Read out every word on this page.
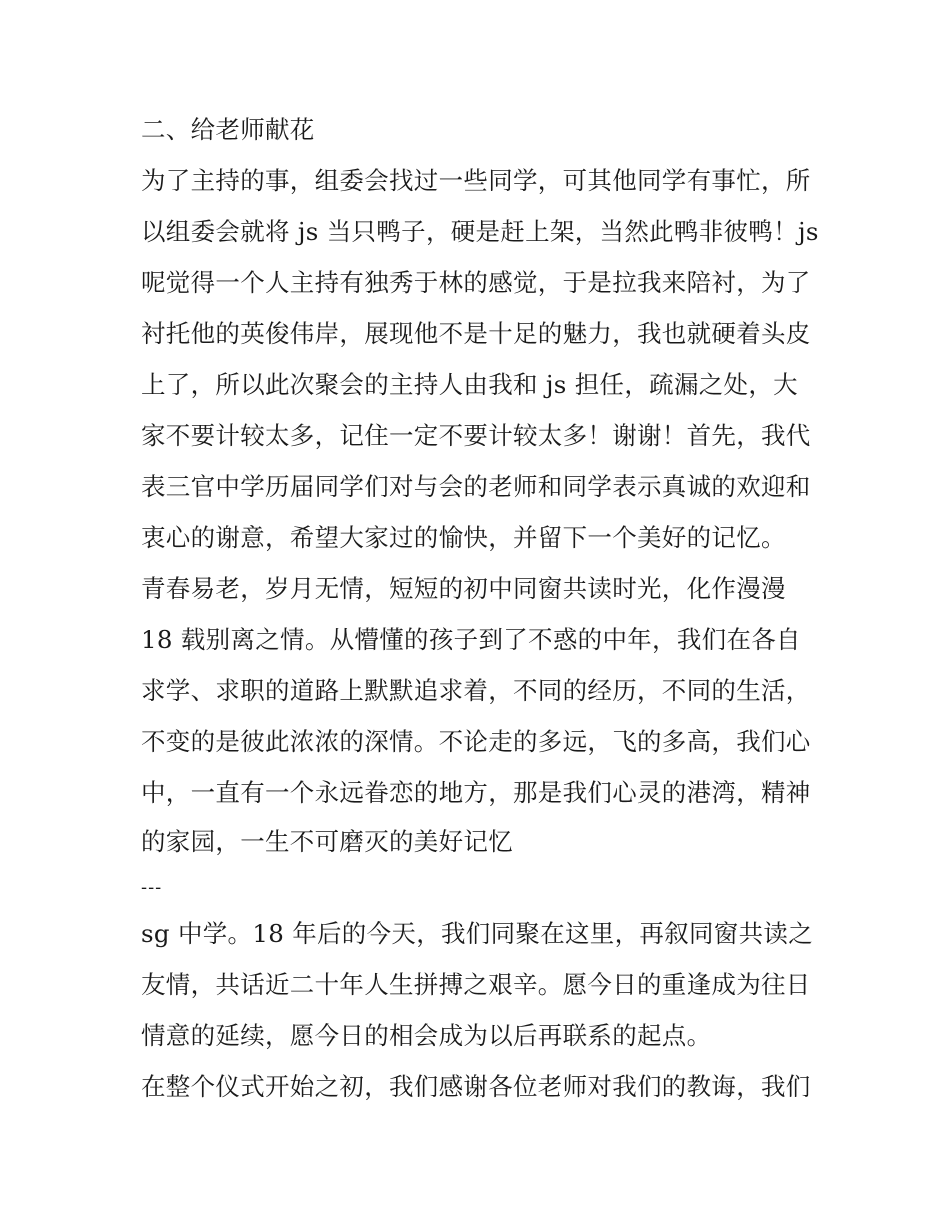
二、给老师献花
为了主持的事，组委会找过一些同学，可其他同学有事忙，所
以组委会就将 js 当只鸭子，硬是赶上架，当然此鸭非彼鸭！js
呢觉得一个人主持有独秀于林的感觉，于是拉我来陪衬，为了
衬托他的英俊伟岸，展现他不是十足的魅力，我也就硬着头皮
上了，所以此次聚会的主持人由我和 js 担任，疏漏之处，大
家不要计较太多，记住一定不要计较太多！谢谢！首先，我代
表三官中学历届同学们对与会的老师和同学表示真诚的欢迎和
衷心的谢意，希望大家过的愉快，并留下一个美好的记忆。
青春易老，岁月无情，短短的初中同窗共读时光，化作漫漫
18 载别离之情。从懵懂的孩子到了不惑的中年，我们在各自
求学、求职的道路上默默追求着，不同的经历，不同的生活，
不变的是彼此浓浓的深情。不论走的多远，飞的多高，我们心
中，一直有一个永远眷恋的地方，那是我们心灵的港湾，精神
的家园，一生不可磨灭的美好记忆
---
sg 中学。18 年后的今天，我们同聚在这里，再叙同窗共读之
友情，共话近二十年人生拼搏之艰辛。愿今日的重逢成为往日
情意的延续，愿今日的相会成为以后再联系的起点。
在整个仪式开始之初，我们感谢各位老师对我们的教诲，我们
